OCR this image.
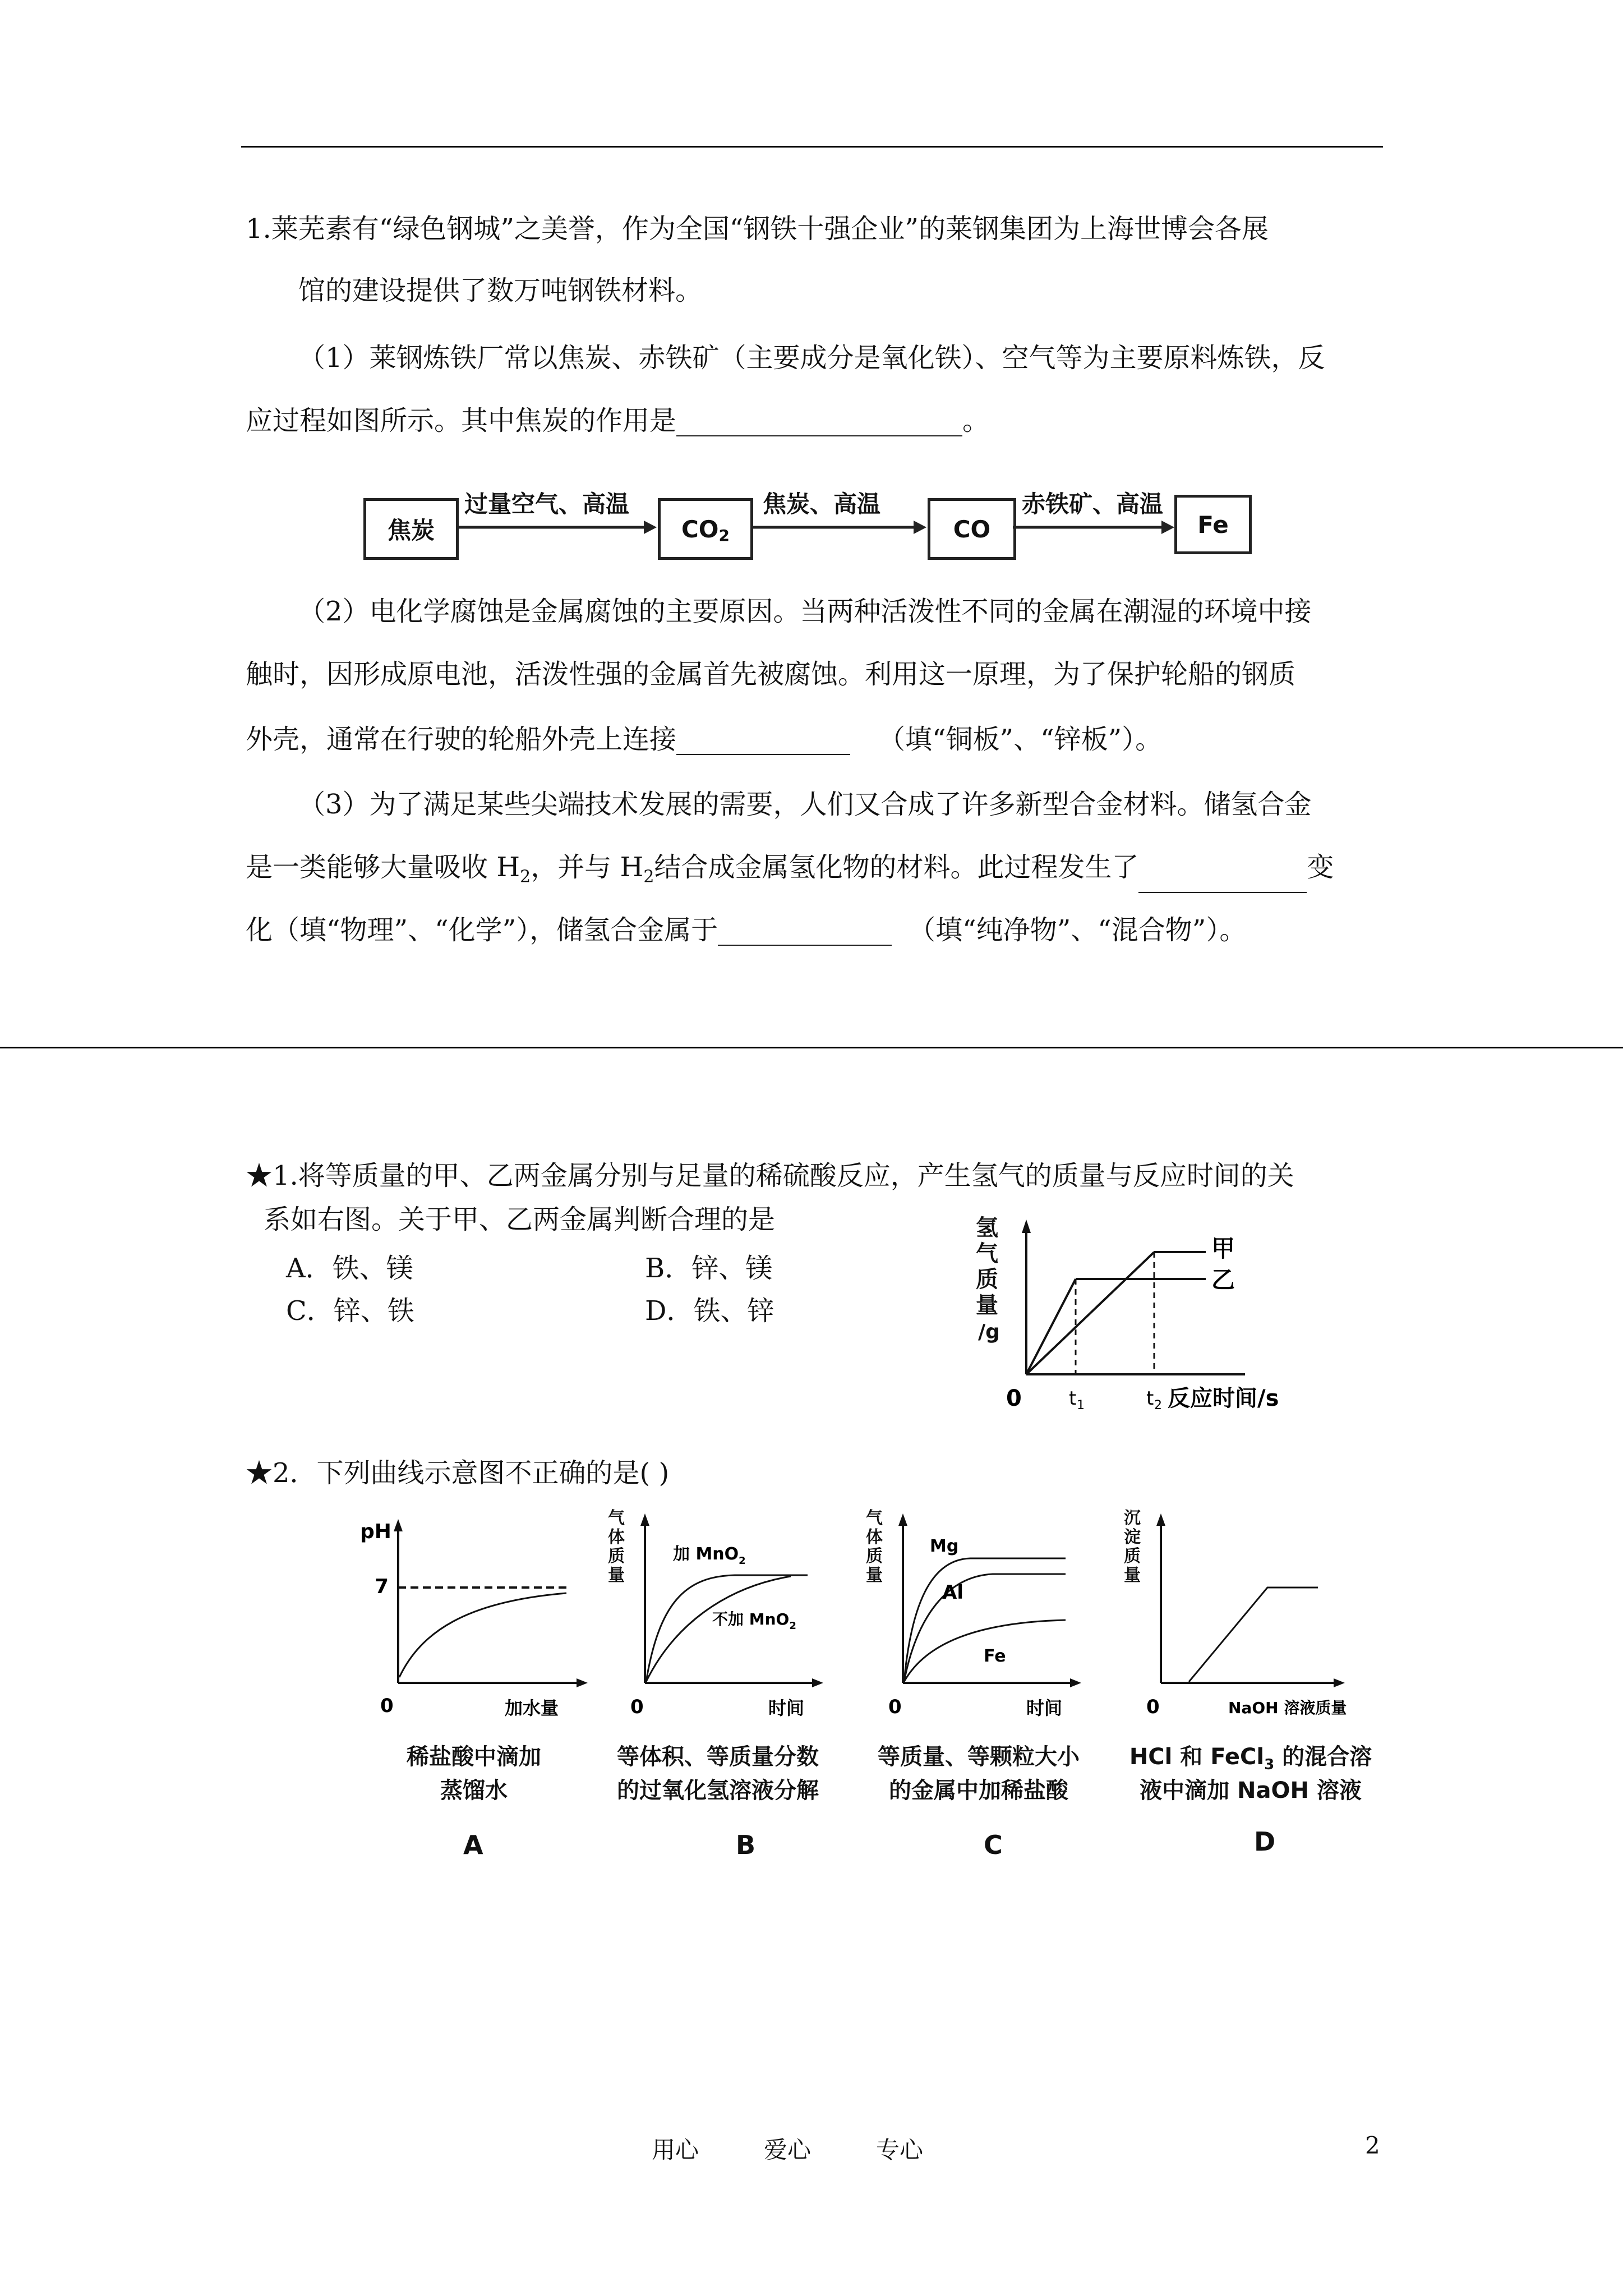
1.莱芜素有“绿色钢城”之美誉，作为全国“钢铁十强企业”的莱钢集团为上海世博会各展
馆的建设提供了数万吨钢铁材料。
（1）莱钢炼铁厂常以焦炭、赤铁矿（主要成分是氧化铁）、空气等为主要原料炼铁，反
应过程如图所示。其中焦炭的作用是	。
焦炭
过量空气、高温
CO 2
焦炭、高温
CO
赤铁矿、高温
Fe
（2）电化学腐蚀是金属腐蚀的主要原因。当两种活泼性不同的金属在潮湿的环境中接
触时，因形成原电池，活泼性强的金属首先被腐蚀。利用这一原理，为了保护轮船的钢质
外壳，通常在行驶的轮船外壳上连接	（填“铜板”、“锌板”）。
（3）为了满足某些尖端技术发展的需要，人们又合成了许多新型合金材料。储氢合金
是一类能够大量吸收 $H_2$，并与 $H_2$结合成金属氢化物的材料。此过程发生了	变
化（填“物理”、“化学”），储氢合金属于	（填“纯净物”、“混合物”）。
★1.将等质量的甲、乙两金属分别与足量的稀硫酸反应，产生氢气的质量与反应时间的关
系如右图。关于甲、乙两金属判断合理的是
A．铁、镁	B．锌、镁
C．锌、铁	D．铁、锌
氢
气
质
量
/g
甲
乙
0 t 1	t 2 反应时间/s
★2．下列曲线示意图不正确的是( )
pH
7
0	加水量
稀盐酸中滴加
蒸馏水
A
气
体
质
量
加 MnO$_2$
不加 MnO$_2$
0	时间
等体积、等质量分数
的过氧化氢溶液分解
B
气
体
质
量
Mg
Al
Fe
0	时间
等质量、等颗粒大小
的金属中加稀盐酸
C
沉
淀
质
量
0	NaOH 溶液质量
HCl 和 FeCl$_3$ 的混合溶
液中滴加 NaOH 溶液
D
用心	爱心	专心	2
